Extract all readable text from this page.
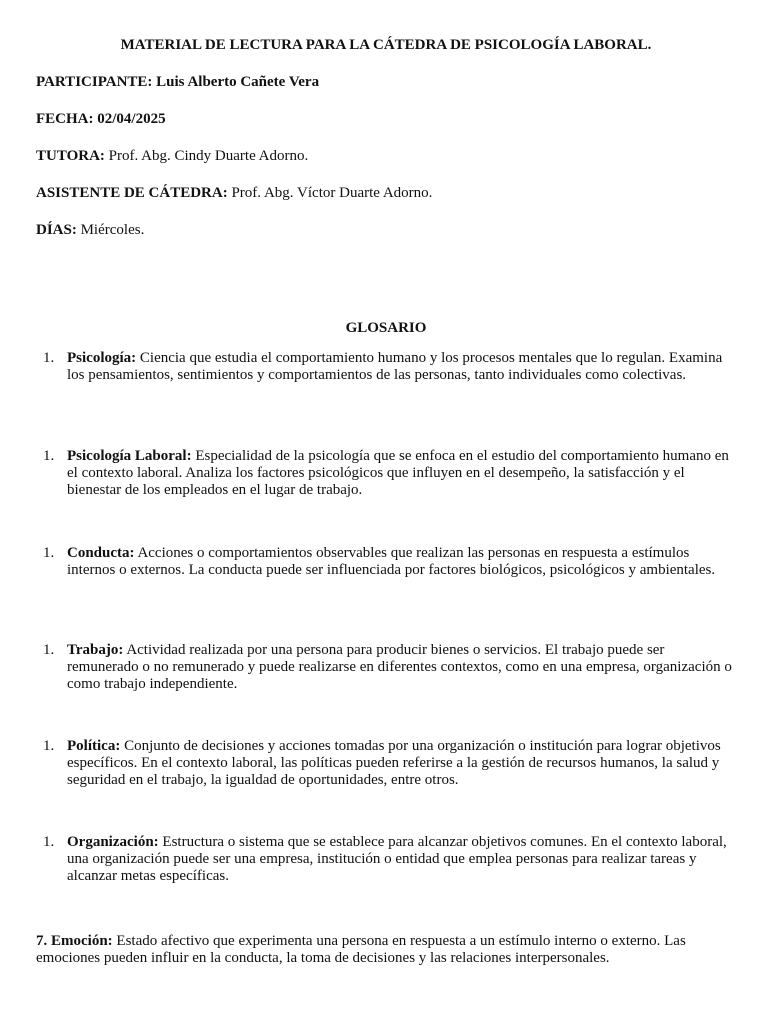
MATERIAL DE LECTURA PARA LA CÁTEDRA DE PSICOLOGÍA LABORAL.
PARTICIPANTE: Luis Alberto Cañete Vera
FECHA: 02/04/2025
TUTORA: Prof. Abg. Cindy Duarte Adorno.
ASISTENTE DE CÁTEDRA: Prof. Abg. Víctor Duarte Adorno.
DÍAS: Miércoles.
GLOSARIO
1. Psicología: Ciencia que estudia el comportamiento humano y los procesos mentales que lo regulan. Examina los pensamientos, sentimientos y comportamientos de las personas, tanto individuales como colectivas.
1. Psicología Laboral: Especialidad de la psicología que se enfoca en el estudio del comportamiento humano en el contexto laboral. Analiza los factores psicológicos que influyen en el desempeño, la satisfacción y el bienestar de los empleados en el lugar de trabajo.
1. Conducta: Acciones o comportamientos observables que realizan las personas en respuesta a estímulos internos o externos. La conducta puede ser influenciada por factores biológicos, psicológicos y ambientales.
1. Trabajo: Actividad realizada por una persona para producir bienes o servicios. El trabajo puede ser remunerado o no remunerado y puede realizarse en diferentes contextos, como en una empresa, organización o como trabajo independiente.
1. Política: Conjunto de decisiones y acciones tomadas por una organización o institución para lograr objetivos específicos. En el contexto laboral, las políticas pueden referirse a la gestión de recursos humanos, la salud y seguridad en el trabajo, la igualdad de oportunidades, entre otros.
1. Organización: Estructura o sistema que se establece para alcanzar objetivos comunes. En el contexto laboral, una organización puede ser una empresa, institución o entidad que emplea personas para realizar tareas y alcanzar metas específicas.
7. Emoción: Estado afectivo que experimenta una persona en respuesta a un estímulo interno o externo. Las emociones pueden influir en la conducta, la toma de decisiones y las relaciones interpersonales.
